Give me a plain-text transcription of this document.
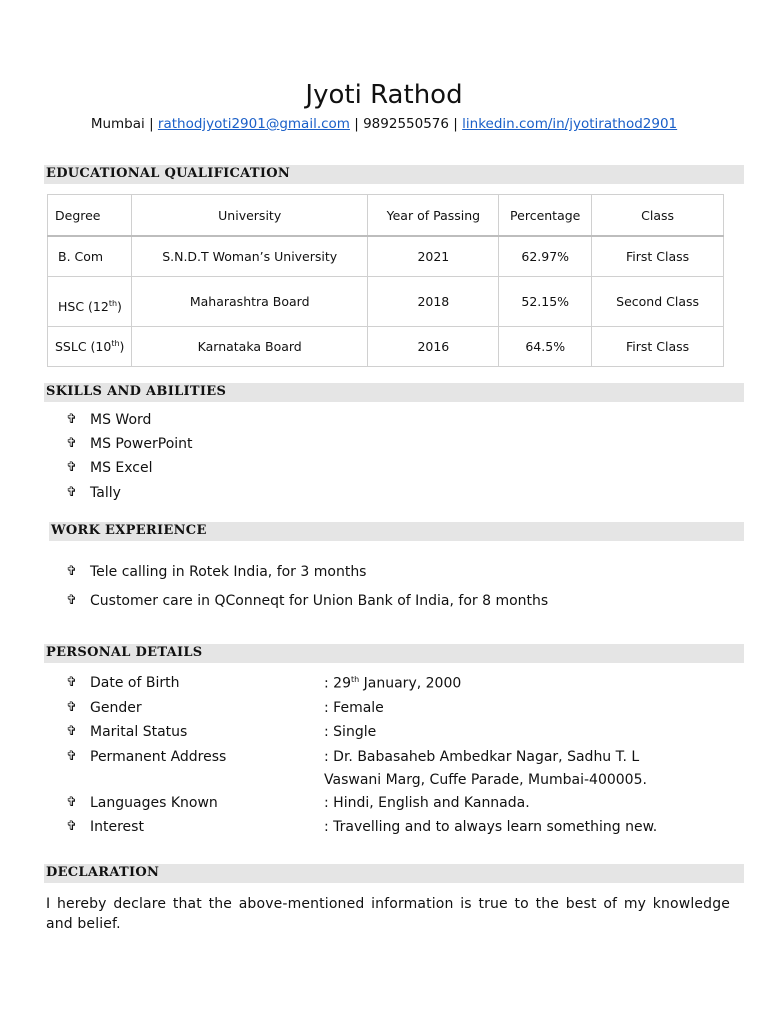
Jyoti Rathod
Mumbai | rathodjyoti2901@gmail.com | 9892550576 | linkedin.com/in/jyotirathod2901
EDUCATIONAL QUALIFICATION
Degree	University	Year of Passing	Percentage	Class
B. Com	S.N.D.T Woman’s University	2021	62.97%	First Class
HSC (12th)	Maharashtra Board	2018	52.15%	Second Class
SSLC (10th)	Karnataka Board	2016	64.5%	First Class
SKILLS AND ABILITIES
✞ MS Word
✞ MS PowerPoint
✞ MS Excel
✞ Tally
WORK EXPERIENCE
✞ Tele calling in Rotek India, for 3 months
✞ Customer care in QConneqt for Union Bank of India, for 8 months
PERSONAL DETAILS
✞ Date of Birth	: 29th January, 2000
✞ Gender	: Female
✞ Marital Status	: Single
✞ Permanent Address	: Dr. Babasaheb Ambedkar Nagar, Sadhu T. L
Vaswani Marg, Cuffe Parade, Mumbai-400005.
✞ Languages Known	: Hindi, English and Kannada.
✞ Interest	: Travelling and to always learn something new.
DECLARATION
I hereby declare that the above-mentioned information is true to the best of my knowledge and belief.
